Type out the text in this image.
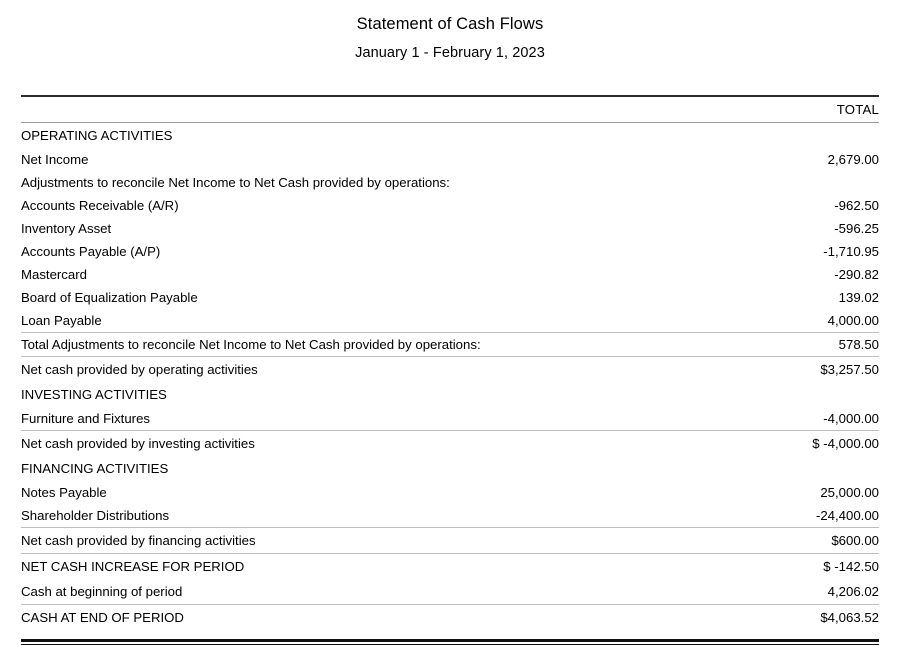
Statement of Cash Flows
January 1 - February 1, 2023
	TOTAL
OPERATING ACTIVITIES	
Net Income	2,679.00
Adjustments to reconcile Net Income to Net Cash provided by operations:	
Accounts Receivable (A/R)	-962.50
Inventory Asset	-596.25
Accounts Payable (A/P)	-1,710.95
Mastercard	-290.82
Board of Equalization Payable	139.02
Loan Payable	4,000.00
Total Adjustments to reconcile Net Income to Net Cash provided by operations:	578.50
Net cash provided by operating activities	$3,257.50
INVESTING ACTIVITIES	
Furniture and Fixtures	-4,000.00
Net cash provided by investing activities	$ -4,000.00
FINANCING ACTIVITIES	
Notes Payable	25,000.00
Shareholder Distributions	-24,400.00
Net cash provided by financing activities	$600.00
NET CASH INCREASE FOR PERIOD	$ -142.50
Cash at beginning of period	4,206.02
CASH AT END OF PERIOD	$4,063.52
